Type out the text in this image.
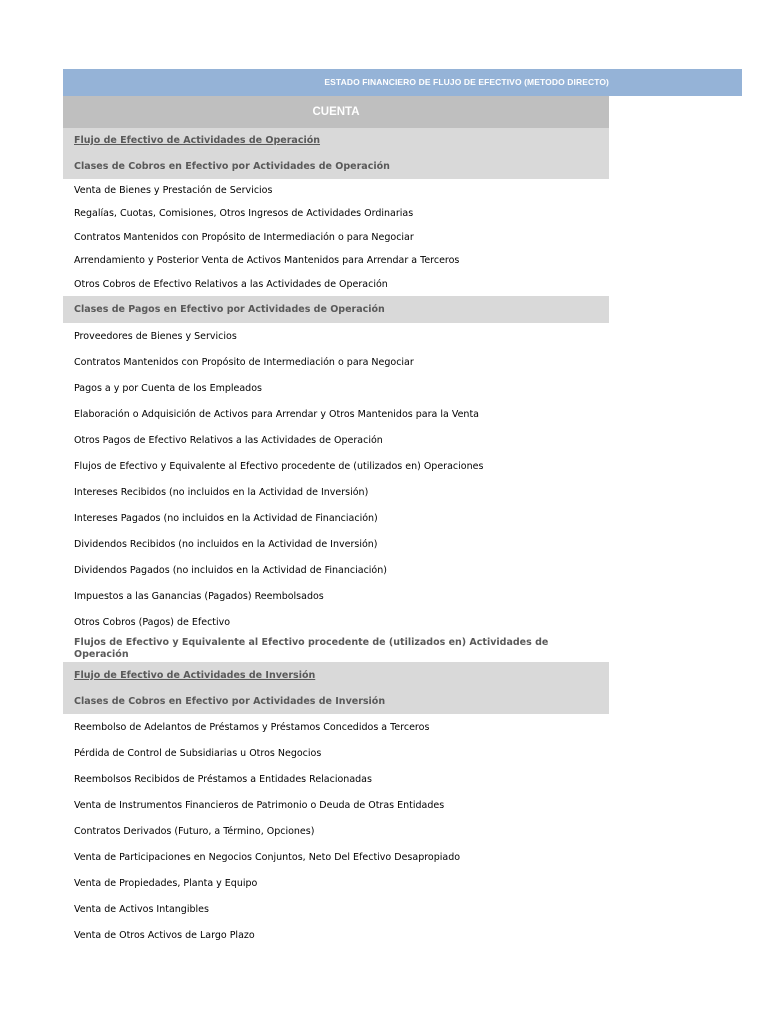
ESTADO FINANCIERO DE FLUJO DE EFECTIVO (METODO DIRECTO)
CUENTA
Flujo de Efectivo de Actividades de Operación
Clases de Cobros en Efectivo por Actividades de Operación
Venta de Bienes y Prestación de Servicios
Regalías, Cuotas, Comisiones, Otros Ingresos de Actividades Ordinarias
Contratos Mantenidos con Propósito de Intermediación o para Negociar
Arrendamiento y Posterior Venta de Activos Mantenidos para Arrendar a Terceros
Otros Cobros de Efectivo Relativos a las Actividades de Operación
Clases de Pagos en Efectivo por Actividades de Operación
Proveedores de Bienes y Servicios
Contratos Mantenidos con Propósito de Intermediación o para Negociar
Pagos a y por Cuenta de los Empleados
Elaboración o Adquisición de Activos para Arrendar y Otros Mantenidos para la Venta
Otros Pagos de Efectivo Relativos a las Actividades de Operación
Flujos de Efectivo y Equivalente al Efectivo procedente de (utilizados en) Operaciones
Intereses Recibidos (no incluidos en la Actividad de Inversión)
Intereses Pagados (no incluidos en la Actividad de Financiación)
Dividendos Recibidos (no incluidos en la Actividad de Inversión)
Dividendos Pagados (no incluidos en la Actividad de Financiación)
Impuestos a las Ganancias (Pagados) Reembolsados
Otros Cobros (Pagos) de Efectivo
Flujos de Efectivo y Equivalente al Efectivo procedente de (utilizados en) Actividades de Operación
Flujo de Efectivo de Actividades de Inversión
Clases de Cobros en Efectivo por Actividades de Inversión
Reembolso de Adelantos de Préstamos y Préstamos Concedidos a Terceros
Pérdida de Control de Subsidiarias u Otros Negocios
Reembolsos Recibidos de Préstamos a Entidades Relacionadas
Venta de Instrumentos Financieros de Patrimonio o Deuda de Otras Entidades
Contratos Derivados (Futuro, a Término, Opciones)
Venta de Participaciones en Negocios Conjuntos, Neto Del Efectivo Desapropiado
Venta de Propiedades, Planta y Equipo
Venta de Activos Intangibles
Venta de Otros Activos de Largo Plazo
